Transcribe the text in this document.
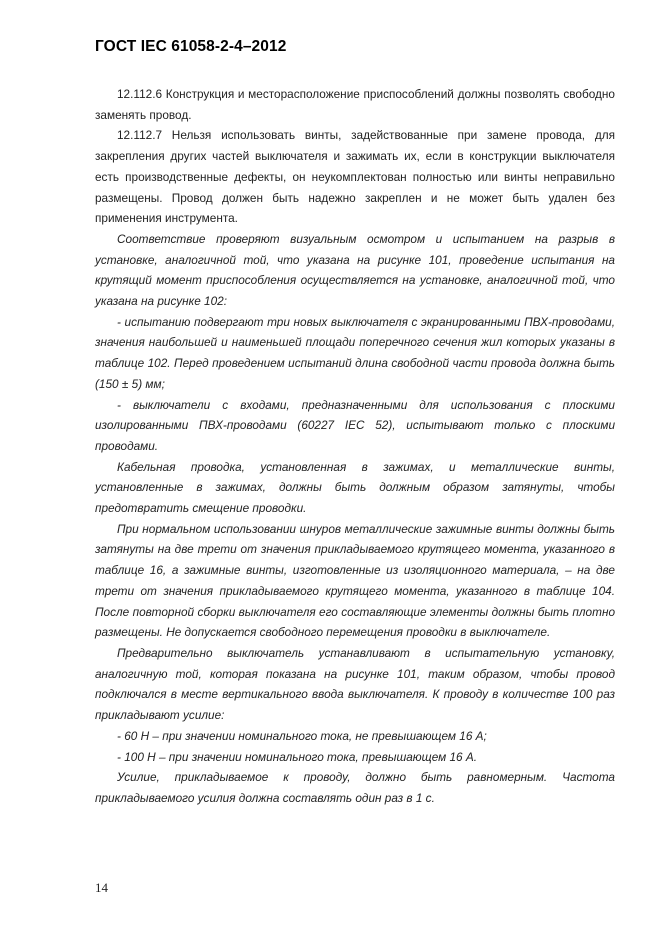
ГОСТ IEC 61058-2-4–2012

12.112.6 Конструкция и месторасположение приспособлений должны позволять свободно заменять провод.

12.112.7 Нельзя использовать винты, задействованные при замене провода, для закрепления других частей выключателя и зажимать их, если в конструкции выключателя есть производственные дефекты, он неукомплектован полностью или винты неправильно размещены. Провод должен быть надежно закреплен и не может быть удален без применения инструмента.

Соответствие проверяют визуальным осмотром и испытанием на разрыв в установке, аналогичной той, что указана на рисунке 101, проведение испытания на крутящий момент приспособления осуществляется на установке, аналогичной той, что указана на рисунке 102:

- испытанию подвергают три новых выключателя с экранированными ПВХ-проводами, значения наибольшей и наименьшей площади поперечного сечения жил которых указаны в таблице 102. Перед проведением испытаний длина свободной части провода должна быть (150 ± 5) мм;

- выключатели с входами, предназначенными для использования с плоскими изолированными ПВХ-проводами (60227 IEC 52), испытывают только с плоскими проводами.

Кабельная проводка, установленная в зажимах, и металлические винты, установленные в зажимах, должны быть должным образом затянуты, чтобы предотвратить смещение проводки.

При нормальном использовании шнуров металлические зажимные винты должны быть затянуты на две трети от значения прикладываемого крутящего момента, указанного в таблице 16, а зажимные винты, изготовленные из изоляционного материала, – на две трети от значения прикладываемого крутящего момента, указанного в таблице 104. После повторной сборки выключателя его составляющие элементы должны быть плотно размещены. Не допускается свободного перемещения проводки в выключателе.

Предварительно выключатель устанавливают в испытательную установку, аналогичную той, которая показана на рисунке 101, таким образом, чтобы провод подключался в месте вертикального ввода выключателя. К проводу в количестве 100 раз прикладывают усилие:

- 60 Н – при значении номинального тока, не превышающем 16 А;

- 100 Н – при значении номинального тока, превышающем 16 А.

Усилие, прикладываемое к проводу, должно быть равномерным. Частота прикладываемого усилия должна составлять один раз в 1 с.

14
